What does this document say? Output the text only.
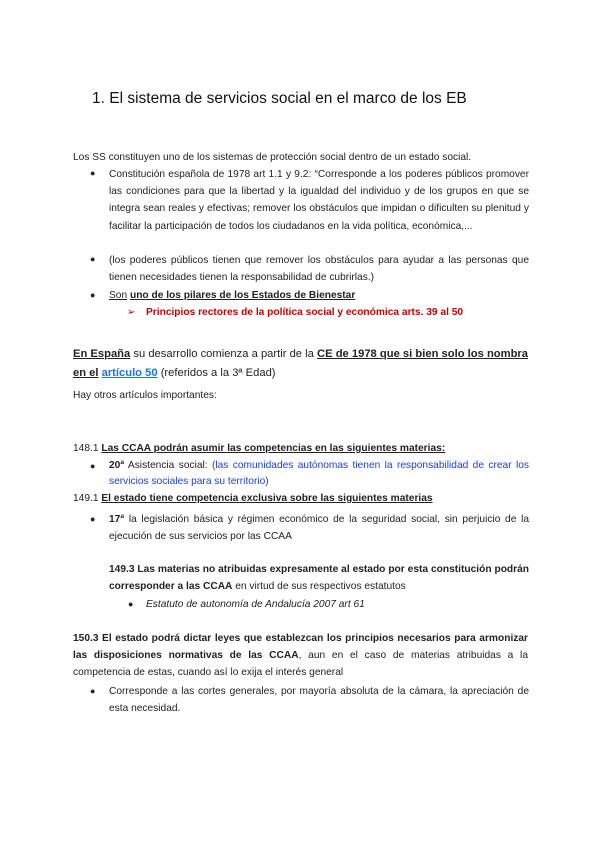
1. El sistema de servicios social en el marco de los EB
Los SS constituyen uno de los sistemas de protección social dentro de un estado social.
● Constitución española de 1978 art 1.1 y 9.2: “Corresponde a los poderes públicos promover las condiciones para que la libertad y la igualdad del individuo y de los grupos en que se integra sean reales y efectivas; remover los obstáculos que impidan o dificulten su plenitud y facilitar la participación de todos los ciudadanos en la vida política, económica,...
● (los poderes públicos tienen que remover los obstáculos para ayudar a las personas que tienen necesidades tienen la responsabilidad de cubrirlas.)
● Son uno de los pilares de los Estados de Bienestar
➢ Principios rectores de la política social y económica arts. 39 al 50
En España su desarrollo comienza a partir de la CE de 1978 que si bien solo los nombra en el artículo 50 (referidos a la 3ª Edad)
Hay otros artículos importantes:
148.1 Las CCAA podrán asumir las competencias en las siguientes materias:
● 20ª Asistencia social: (las comunidades autónomas tienen la responsabilidad de crear los servicios sociales para su territorio)
149.1 El estado tiene competencia exclusiva sobre las siguientes materias
● 17ª la legislación básica y régimen económico de la seguridad social, sin perjuicio de la ejecución de sus servicios por las CCAA
149.3 Las materias no atribuidas expresamente al estado por esta constitución podrán corresponder a las CCAA en virtud de sus respectivos estatutos
● Estatuto de autonomía de Andalucía 2007 art 61
150.3 El estado podrá dictar leyes que establezcan los principios necesarios para armonizar las disposiciones normativas de las CCAA, aun en el caso de materias atribuidas a la competencia de estas, cuando así lo exija el interés general
● Corresponde a las cortes generales, por mayoría absoluta de la cámara, la apreciación de esta necesidad.
